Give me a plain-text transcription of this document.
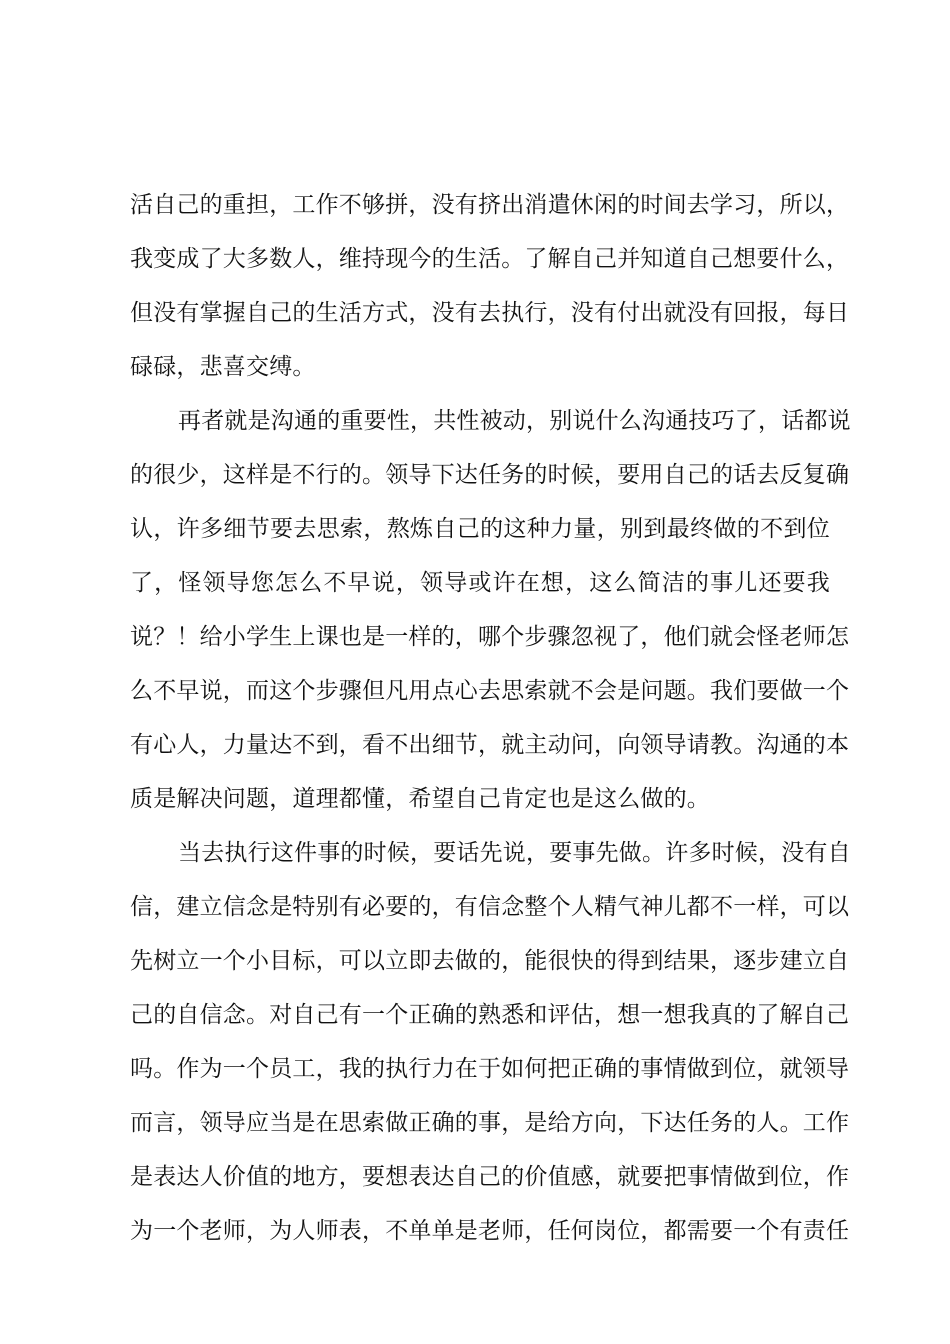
活自己的重担，工作不够拼，没有挤出消遣休闲的时间去学习，所以，
我变成了大多数人，维持现今的生活。了解自己并知道自己想要什么，
但没有掌握自己的生活方式，没有去执行，没有付出就没有回报，每日
碌碌，悲喜交缚。
再者就是沟通的重要性，共性被动，别说什么沟通技巧了，话都说
的很少，这样是不行的。领导下达任务的时候，要用自己的话去反复确
认，许多细节要去思索，熬炼自己的这种力量，别到最终做的不到位
了，怪领导您怎么不早说，领导或许在想，这么简洁的事儿还要我
说？！给小学生上课也是一样的，哪个步骤忽视了，他们就会怪老师怎
么不早说，而这个步骤但凡用点心去思索就不会是问题。我们要做一个
有心人，力量达不到，看不出细节，就主动问，向领导请教。沟通的本
质是解决问题，道理都懂，希望自己肯定也是这么做的。
当去执行这件事的时候，要话先说，要事先做。许多时候，没有自
信，建立信念是特别有必要的，有信念整个人精气神儿都不一样，可以
先树立一个小目标，可以立即去做的，能很快的得到结果，逐步建立自
己的自信念。对自己有一个正确的熟悉和评估，想一想我真的了解自己
吗。作为一个员工，我的执行力在于如何把正确的事情做到位，就领导
而言，领导应当是在思索做正确的事，是给方向，下达任务的人。工作
是表达人价值的地方，要想表达自己的价值感，就要把事情做到位，作
为一个老师，为人师表，不单单是老师，任何岗位，都需要一个有责任
